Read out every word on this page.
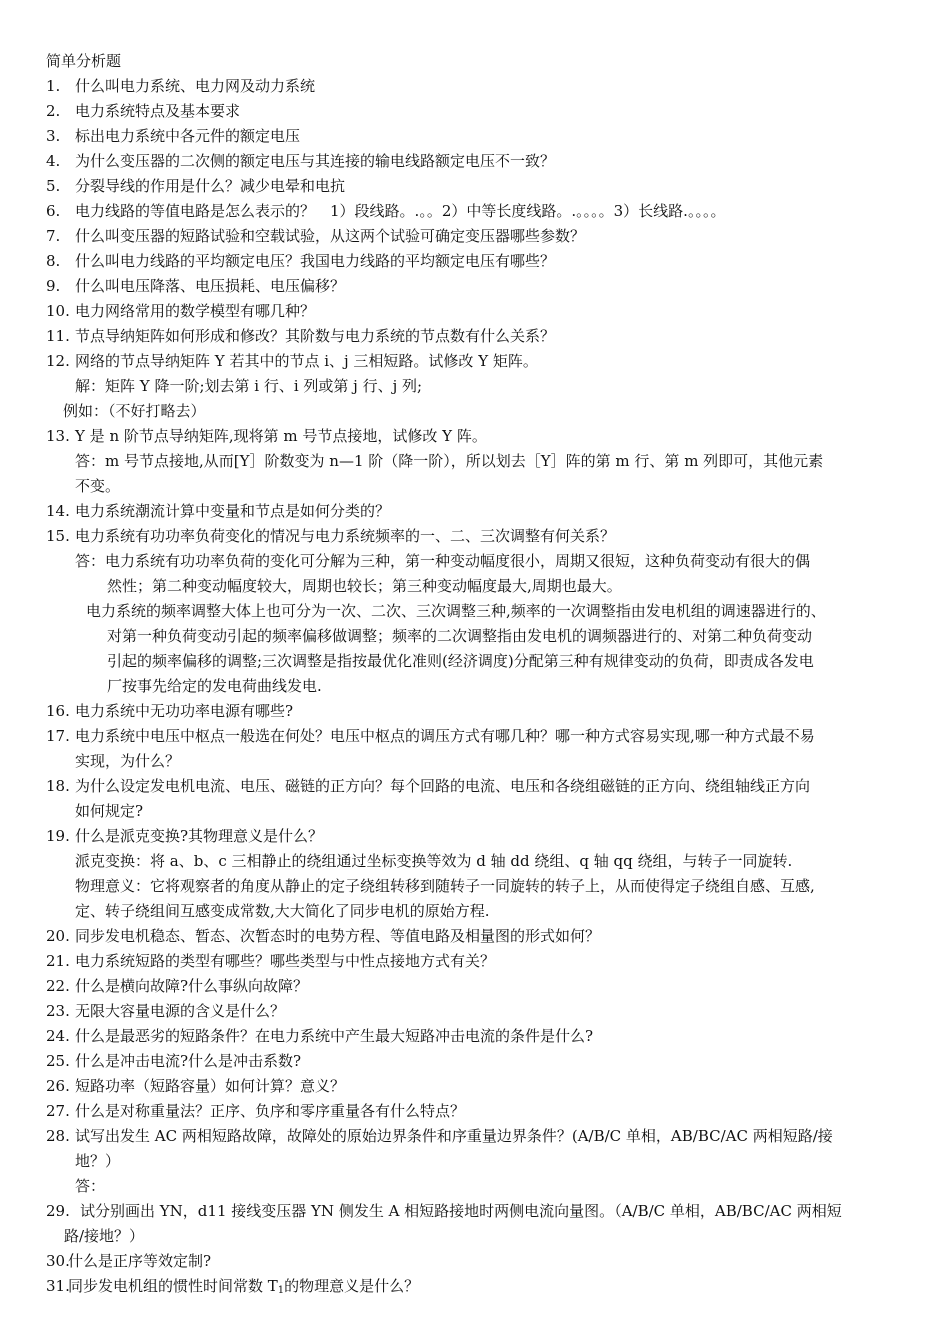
简单分析题
1. 什么叫电力系统、电力网及动力系统
2. 电力系统特点及基本要求
3. 标出电力系统中各元件的额定电压
4. 为什么变压器的二次侧的额定电压与其连接的输电线路额定电压不一致？
5. 分裂导线的作用是什么？减少电晕和电抗
6. 电力线路的等值电路是怎么表示的？　1）段线路。.。。2）中等长度线路。.。。。。3）长线路.。。。。
7. 什么叫变压器的短路试验和空载试验，从这两个试验可确定变压器哪些参数？
8. 什么叫电力线路的平均额定电压？我国电力线路的平均额定电压有哪些？
9. 什么叫电压降落、电压损耗、电压偏移？
10. 电力网络常用的数学模型有哪几种？
11. 节点导纳矩阵如何形成和修改？其阶数与电力系统的节点数有什么关系？
12. 网络的节点导纳矩阵 Y 若其中的节点 i、j 三相短路。试修改 Y 矩阵。
解：矩阵 Y 降一阶;划去第 i 行、i 列或第 j 行、j 列;
例如：（不好打略去）
13. Y 是 n 阶节点导纳矩阵,现将第 m 号节点接地，试修改 Y 阵。
答：m 号节点接地,从而[Y］阶数变为 n—1 阶（降一阶），所以划去［Y］阵的第 m 行、第 m 列即可，其他元素
不变。
14. 电力系统潮流计算中变量和节点是如何分类的？
15. 电力系统有功功率负荷变化的情况与电力系统频率的一、二、三次调整有何关系？
答：电力系统有功功率负荷的变化可分解为三种，第一种变动幅度很小，周期又很短，这种负荷变动有很大的偶
然性；第二种变动幅度较大，周期也较长；第三种变动幅度最大,周期也最大。
电力系统的频率调整大体上也可分为一次、二次、三次调整三种,频率的一次调整指由发电机组的调速器进行的、
对第一种负荷变动引起的频率偏移做调整；频率的二次调整指由发电机的调频器进行的、对第二种负荷变动
引起的频率偏移的调整;三次调整是指按最优化准则(经济调度)分配第三种有规律变动的负荷，即责成各发电
厂按事先给定的发电荷曲线发电.
16. 电力系统中无功功率电源有哪些?
17. 电力系统中电压中枢点一般选在何处？电压中枢点的调压方式有哪几种？哪一种方式容易实现,哪一种方式最不易
实现，为什么？
18. 为什么设定发电机电流、电压、磁链的正方向？每个回路的电流、电压和各绕组磁链的正方向、绕组轴线正方向
如何规定?
19. 什么是派克变换?其物理意义是什么？
派克变换：将 a、b、c 三相静止的绕组通过坐标变换等效为 d 轴 dd 绕组、q 轴 qq 绕组，与转子一同旋转.
物理意义：它将观察者的角度从静止的定子绕组转移到随转子一同旋转的转子上，从而使得定子绕组自感、互感,
定、转子绕组间互感变成常数,大大简化了同步电机的原始方程.
20. 同步发电机稳态、暂态、次暂态时的电势方程、等值电路及相量图的形式如何？
21. 电力系统短路的类型有哪些？哪些类型与中性点接地方式有关？
22. 什么是横向故障?什么事纵向故障？
23. 无限大容量电源的含义是什么？
24. 什么是最恶劣的短路条件？在电力系统中产生最大短路冲击电流的条件是什么?
25. 什么是冲击电流?什么是冲击系数?
26. 短路功率（短路容量）如何计算？意义？
27. 什么是对称重量法？正序、负序和零序重量各有什么特点？
28. 试写出发生 AC 两相短路故障，故障处的原始边界条件和序重量边界条件？(A/B/C 单相，AB/BC/AC 两相短路/接
地？）
答：
29. 试分别画出 YN，d11 接线变压器 YN 侧发生 A 相短路接地时两侧电流向量图。（A/B/C 单相，AB/BC/AC 两相短
路/接地？）
30.
什么是正序等效定制?
31.
同步发电机组的惯性时间常数 $T_1$的物理意义是什么？
